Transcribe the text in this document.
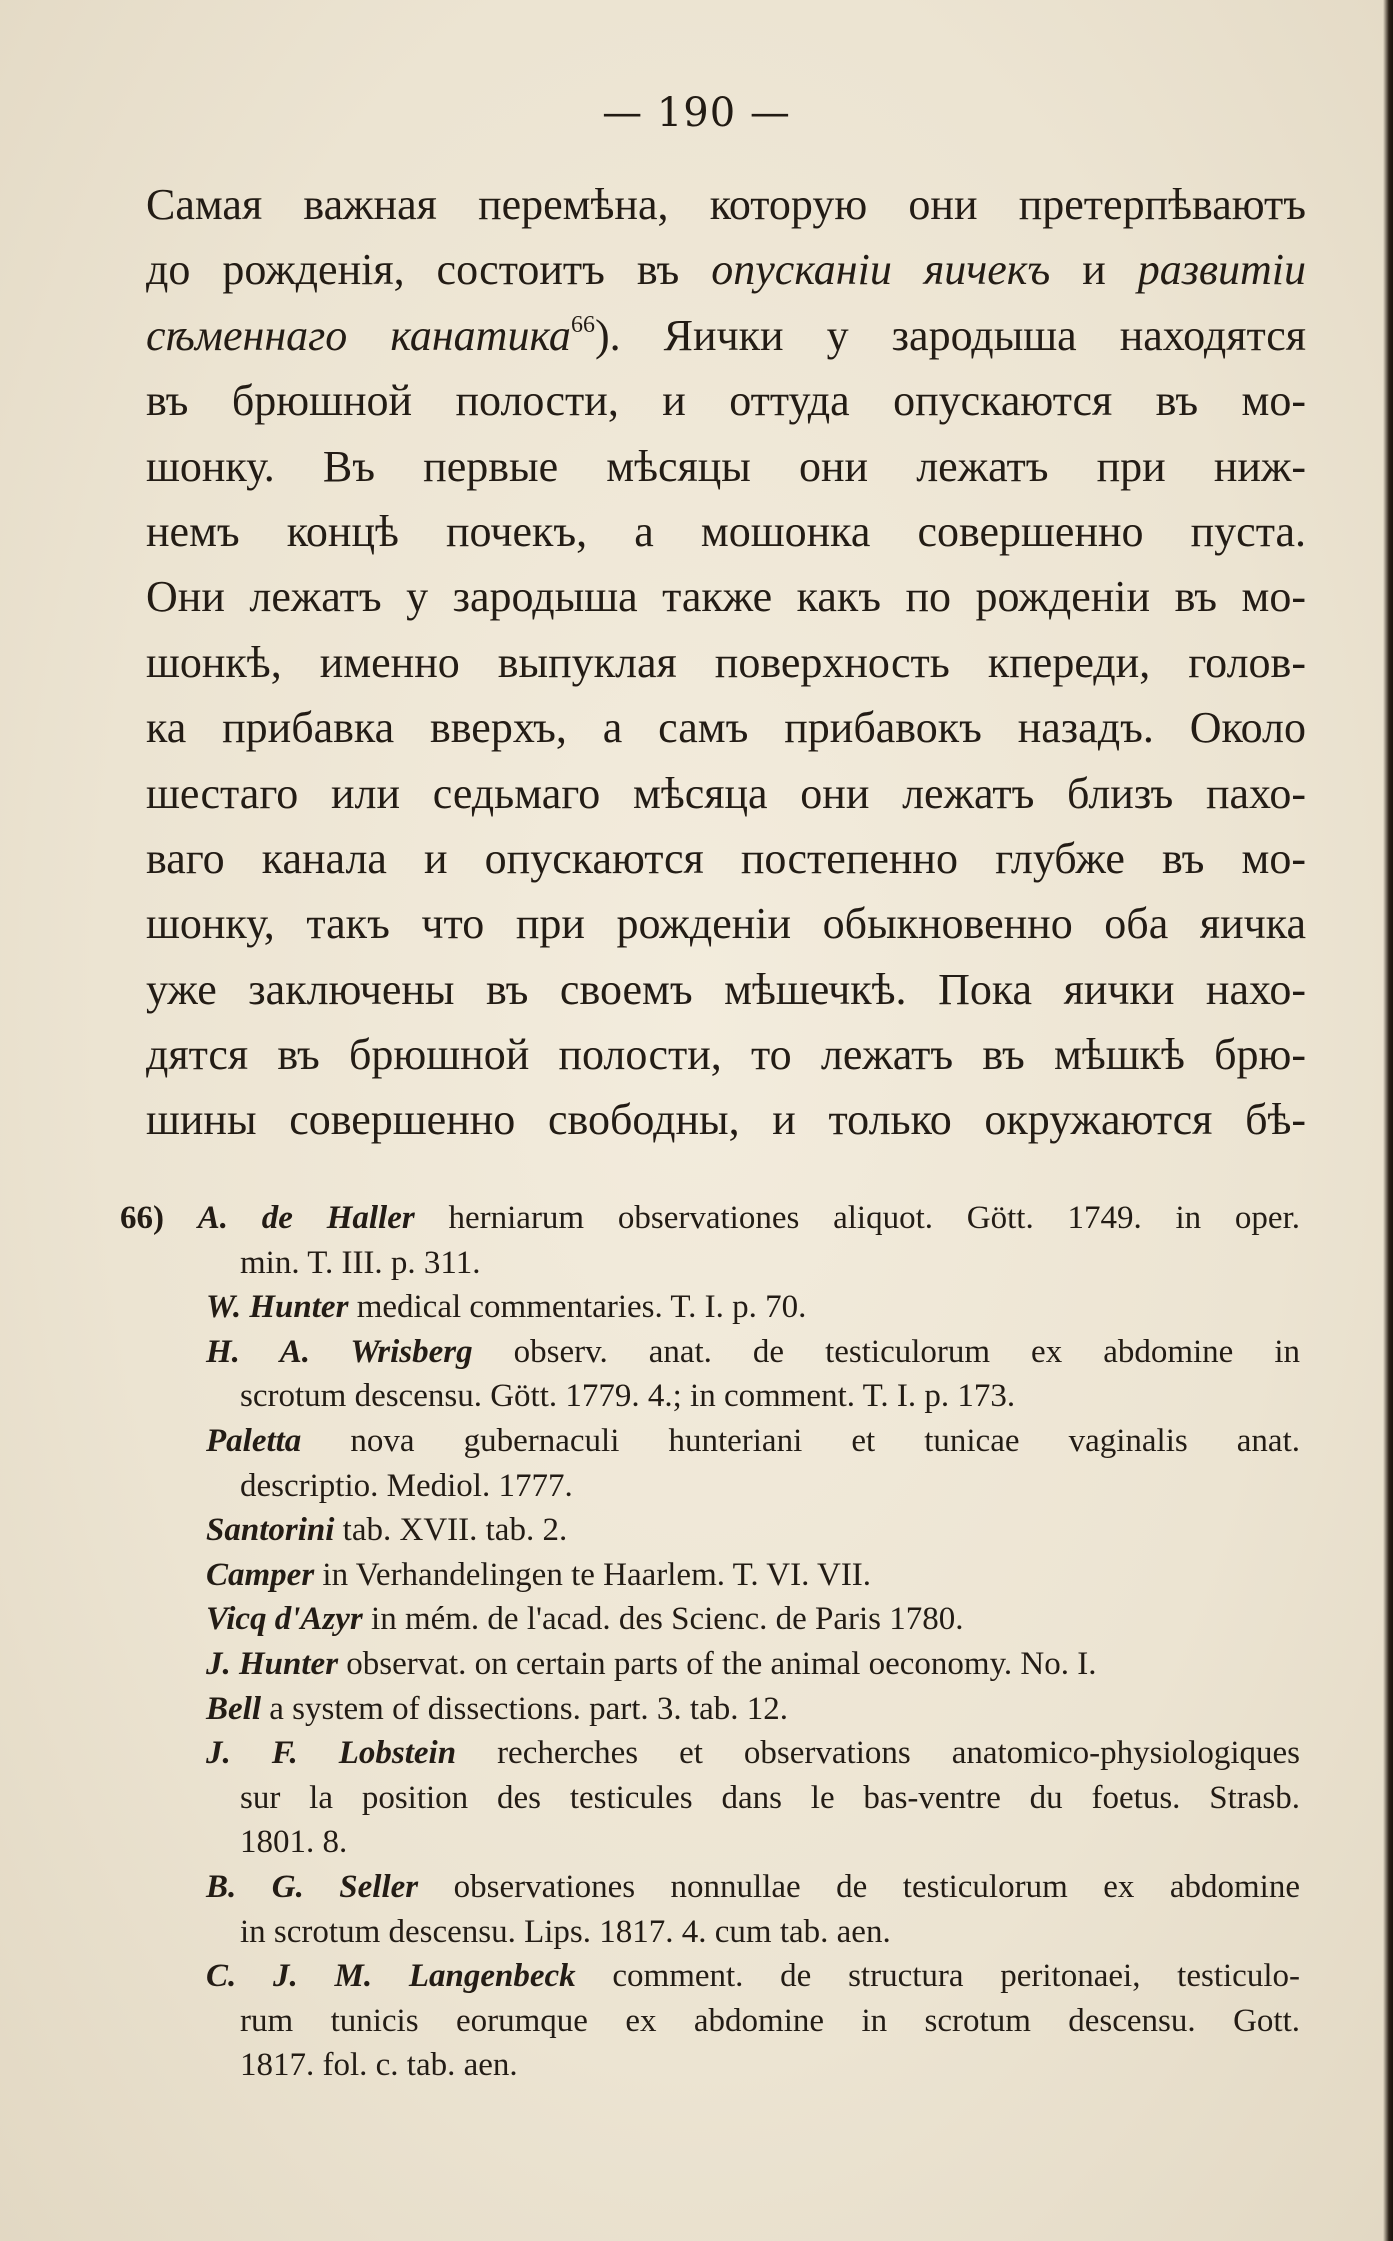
— 190 —
Самая важная перемѣна, которую они претерпѣваютъ
до рожденія, состоитъ въ опусканіи яичекъ и развитіи
сѣменнаго канатика$^{66}$). Яички у зародыша находятся
въ брюшной полости, и оттуда опускаются въ мо-
шонку. Въ первые мѣсяцы они лежатъ при ниж-
немъ концѣ почекъ, а мошонка совершенно пуста.
Они лежатъ у зародыша также какъ по рожденіи въ мо-
шонкѣ, именно выпуклая поверхность кпереди, голов-
ка прибавка вверхъ, а самъ прибавокъ назадъ. Около
шестаго или седьмаго мѣсяца они лежатъ близъ пахо-
ваго канала и опускаются постепенно глубже въ мо-
шонку, такъ что при рожденіи обыкновенно оба яичка
уже заключены въ своемъ мѣшечкѣ. Пока яички нахо-
дятся въ брюшной полости, то лежатъ въ мѣшкѣ брю-
шины совершенно свободны, и только окружаются бѣ-
66) A. de Haller herniarum observationes aliquot. Gött. 1749. in oper.
min. T. III. p. 311.
W. Hunter medical commentaries. T. I. p. 70.
H. A. Wrisberg observ. anat. de testiculorum ex abdomine in
scrotum descensu. Gött. 1779. 4.; in comment. T. I. p. 173.
Paletta nova gubernaculi hunteriani et tunicae vaginalis anat.
descriptio. Mediol. 1777.
Santorini tab. XVII. tab. 2.
Camper in Verhandelingen te Haarlem. T. VI. VII.
Vicq d'Azyr in mém. de l'acad. des Scienc. de Paris 1780.
J. Hunter observat. on certain parts of the animal oeconomy. No. I.
Bell a system of dissections. part. 3. tab. 12.
J. F. Lobstein recherches et observations anatomico-physiologiques
sur la position des testicules dans le bas-ventre du foetus. Strasb.
1801. 8.
B. G. Seller observationes nonnullae de testiculorum ex abdomine
in scrotum descensu. Lips. 1817. 4. cum tab. aen.
C. J. M. Langenbeck comment. de structura peritonaei, testiculo-
rum tunicis eorumque ex abdomine in scrotum descensu. Gott.
1817. fol. c. tab. aen.
